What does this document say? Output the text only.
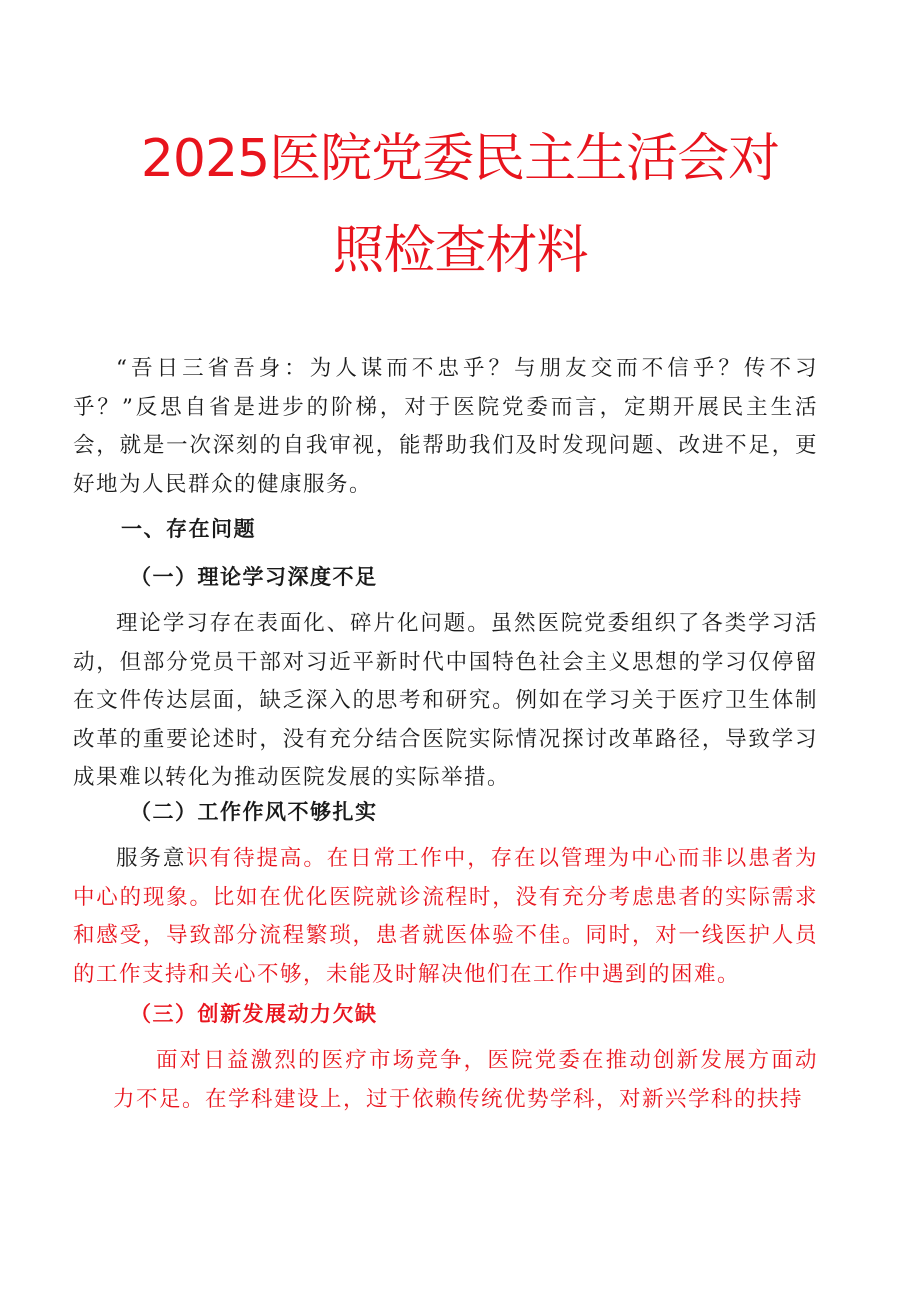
2025医院党委民主生活会对
照检查材料

“吾日三省吾身：为人谋而不忠乎？与朋友交而不信乎？传不习乎？”反思自省是进步的阶梯，对于医院党委而言，定期开展民主生活会，就是一次深刻的自我审视，能帮助我们及时发现问题、改进不足，更好地为人民群众的健康服务。

一、存在问题
（一）理论学习深度不足

理论学习存在表面化、碎片化问题。虽然医院党委组织了各类学习活动，但部分党员干部对习近平新时代中国特色社会主义思想的学习仅停留在文件传达层面，缺乏深入的思考和研究。例如在学习关于医疗卫生体制改革的重要论述时，没有充分结合医院实际情况探讨改革路径，导致学习成果难以转化为推动医院发展的实际举措。

（二）工作作风不够扎实

服务意识有待提高。在日常工作中，存在以管理为中心而非以患者为中心的现象。比如在优化医院就诊流程时，没有充分考虑患者的实际需求和感受，导致部分流程繁琐，患者就医体验不佳。同时，对一线医护人员的工作支持和关心不够，未能及时解决他们在工作中遇到的困难。

（三）创新发展动力欠缺

面对日益激烈的医疗市场竞争，医院党委在推动创新发展方面动力不足。在学科建设上，过于依赖传统优势学科，对新兴学科的扶持
